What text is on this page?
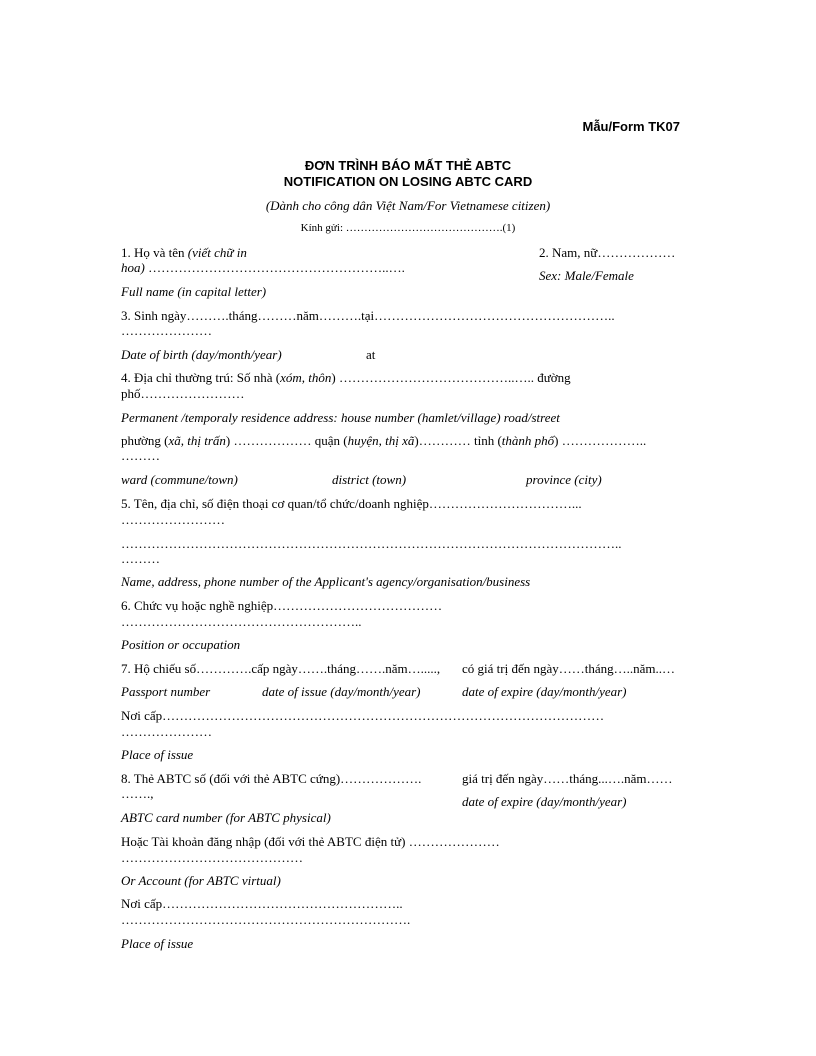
Mẫu/Form TK07
ĐƠN TRÌNH BÁO MẤT THẺ ABTC
NOTIFICATION ON LOSING ABTC CARD
(Dành cho công dân Việt Nam/For Vietnamese citizen)
Kính gửi: …………………………………….(1)
1. Họ và tên (viết chữ in
hoa) ………………………………………………..….
Full name (in capital letter)
2. Nam, nữ………………
Sex: Male/Female
3. Sinh ngày……….tháng………năm……….tại………………………………………………..
…………………
Date of birth (day/month/year)	at
4. Địa chỉ thường trú: Số nhà (xóm, thôn) …………………………………..….. đường
phố……………………
Permanent /temporaly residence address: house number (hamlet/village) road/street
phường (xã, thị trấn) ……………… quận (huyện, thị xã)………… tỉnh (thành phố) ………………..
………
ward (commune/town)	district (town)	province (city)
5. Tên, địa chỉ, số điện thoại cơ quan/tổ chức/doanh nghiệp……………………………...
……………………
……………………………………………………………………………………………………..
………
Name, address, phone number of the Applicant's agency/organisation/business
6. Chức vụ hoặc nghề nghiệp…………………………………
………………………………………………..
Position or occupation
7. Hộ chiếu số………….cấp ngày…….tháng…….năm…....., có giá trị đến ngày……tháng…..năm..…
Passport number	date of issue (day/month/year)	date of expire (day/month/year)
Nơi cấp…………………………………………………………………………………………
…………………
Place of issue
8. Thẻ ABTC số (đối với thẻ ABTC cứng)……………….	giá trị đến ngày……tháng...….năm……
…….,
date of expire (day/month/year)
ABTC card number (for ABTC physical)
Hoặc Tài khoản đăng nhập (đối với thẻ ABTC điện tử) …………………
……………………………………
Or Account (for ABTC virtual)
Nơi cấp………………………………………………..
………………………………………………………….
Place of issue
